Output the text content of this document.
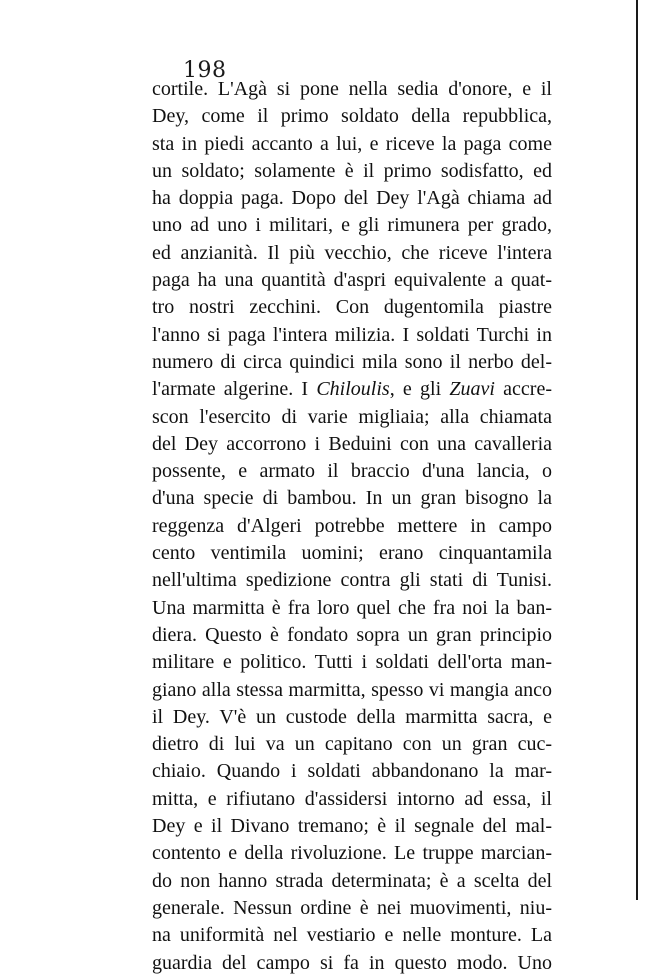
198
cortile. L'Agà si pone nella sedia d'onore, e il
Dey, come il primo soldato della repubblica,
sta in piedi accanto a lui, e riceve la paga come
un soldato; solamente è il primo sodisfatto, ed
ha doppia paga. Dopo del Dey l'Agà chiama ad
uno ad uno i militari, e gli rimunera per grado,
ed anzianità. Il più vecchio, che riceve l'intera
paga ha una quantità d'aspri equivalente a quat-
tro nostri zecchini. Con dugentomila piastre
l'anno si paga l'intera milizia. I soldati Turchi in
numero di circa quindici mila sono il nerbo del-
l'armate algerine. I Chiloulis, e gli Zuavi accre-
scon l'esercito di varie migliaia; alla chiamata
del Dey accorrono i Beduini con una cavalleria
possente, e armato il braccio d'una lancia, o
d'una specie di bambou. In un gran bisogno la
reggenza d'Algeri potrebbe mettere in campo
cento ventimila uomini; erano cinquantamila
nell'ultima spedizione contra gli stati di Tunisi.
Una marmitta è fra loro quel che fra noi la ban-
diera. Questo è fondato sopra un gran principio
militare e politico. Tutti i soldati dell'orta man-
giano alla stessa marmitta, spesso vi mangia anco
il Dey. V'è un custode della marmitta sacra, e
dietro di lui va un capitano con un gran cuc-
chiaio. Quando i soldati abbandonano la mar-
mitta, e rifiutano d'assidersi intorno ad essa, il
Dey e il Divano tremano; è il segnale del mal-
contento e della rivoluzione. Le truppe marcian-
do non hanno strada determinata; è a scelta del
generale. Nessun ordine è nei muovimenti, niu-
na uniformità nel vestiario e nelle monture. La
guardia del campo si fa in questo modo. Uno
